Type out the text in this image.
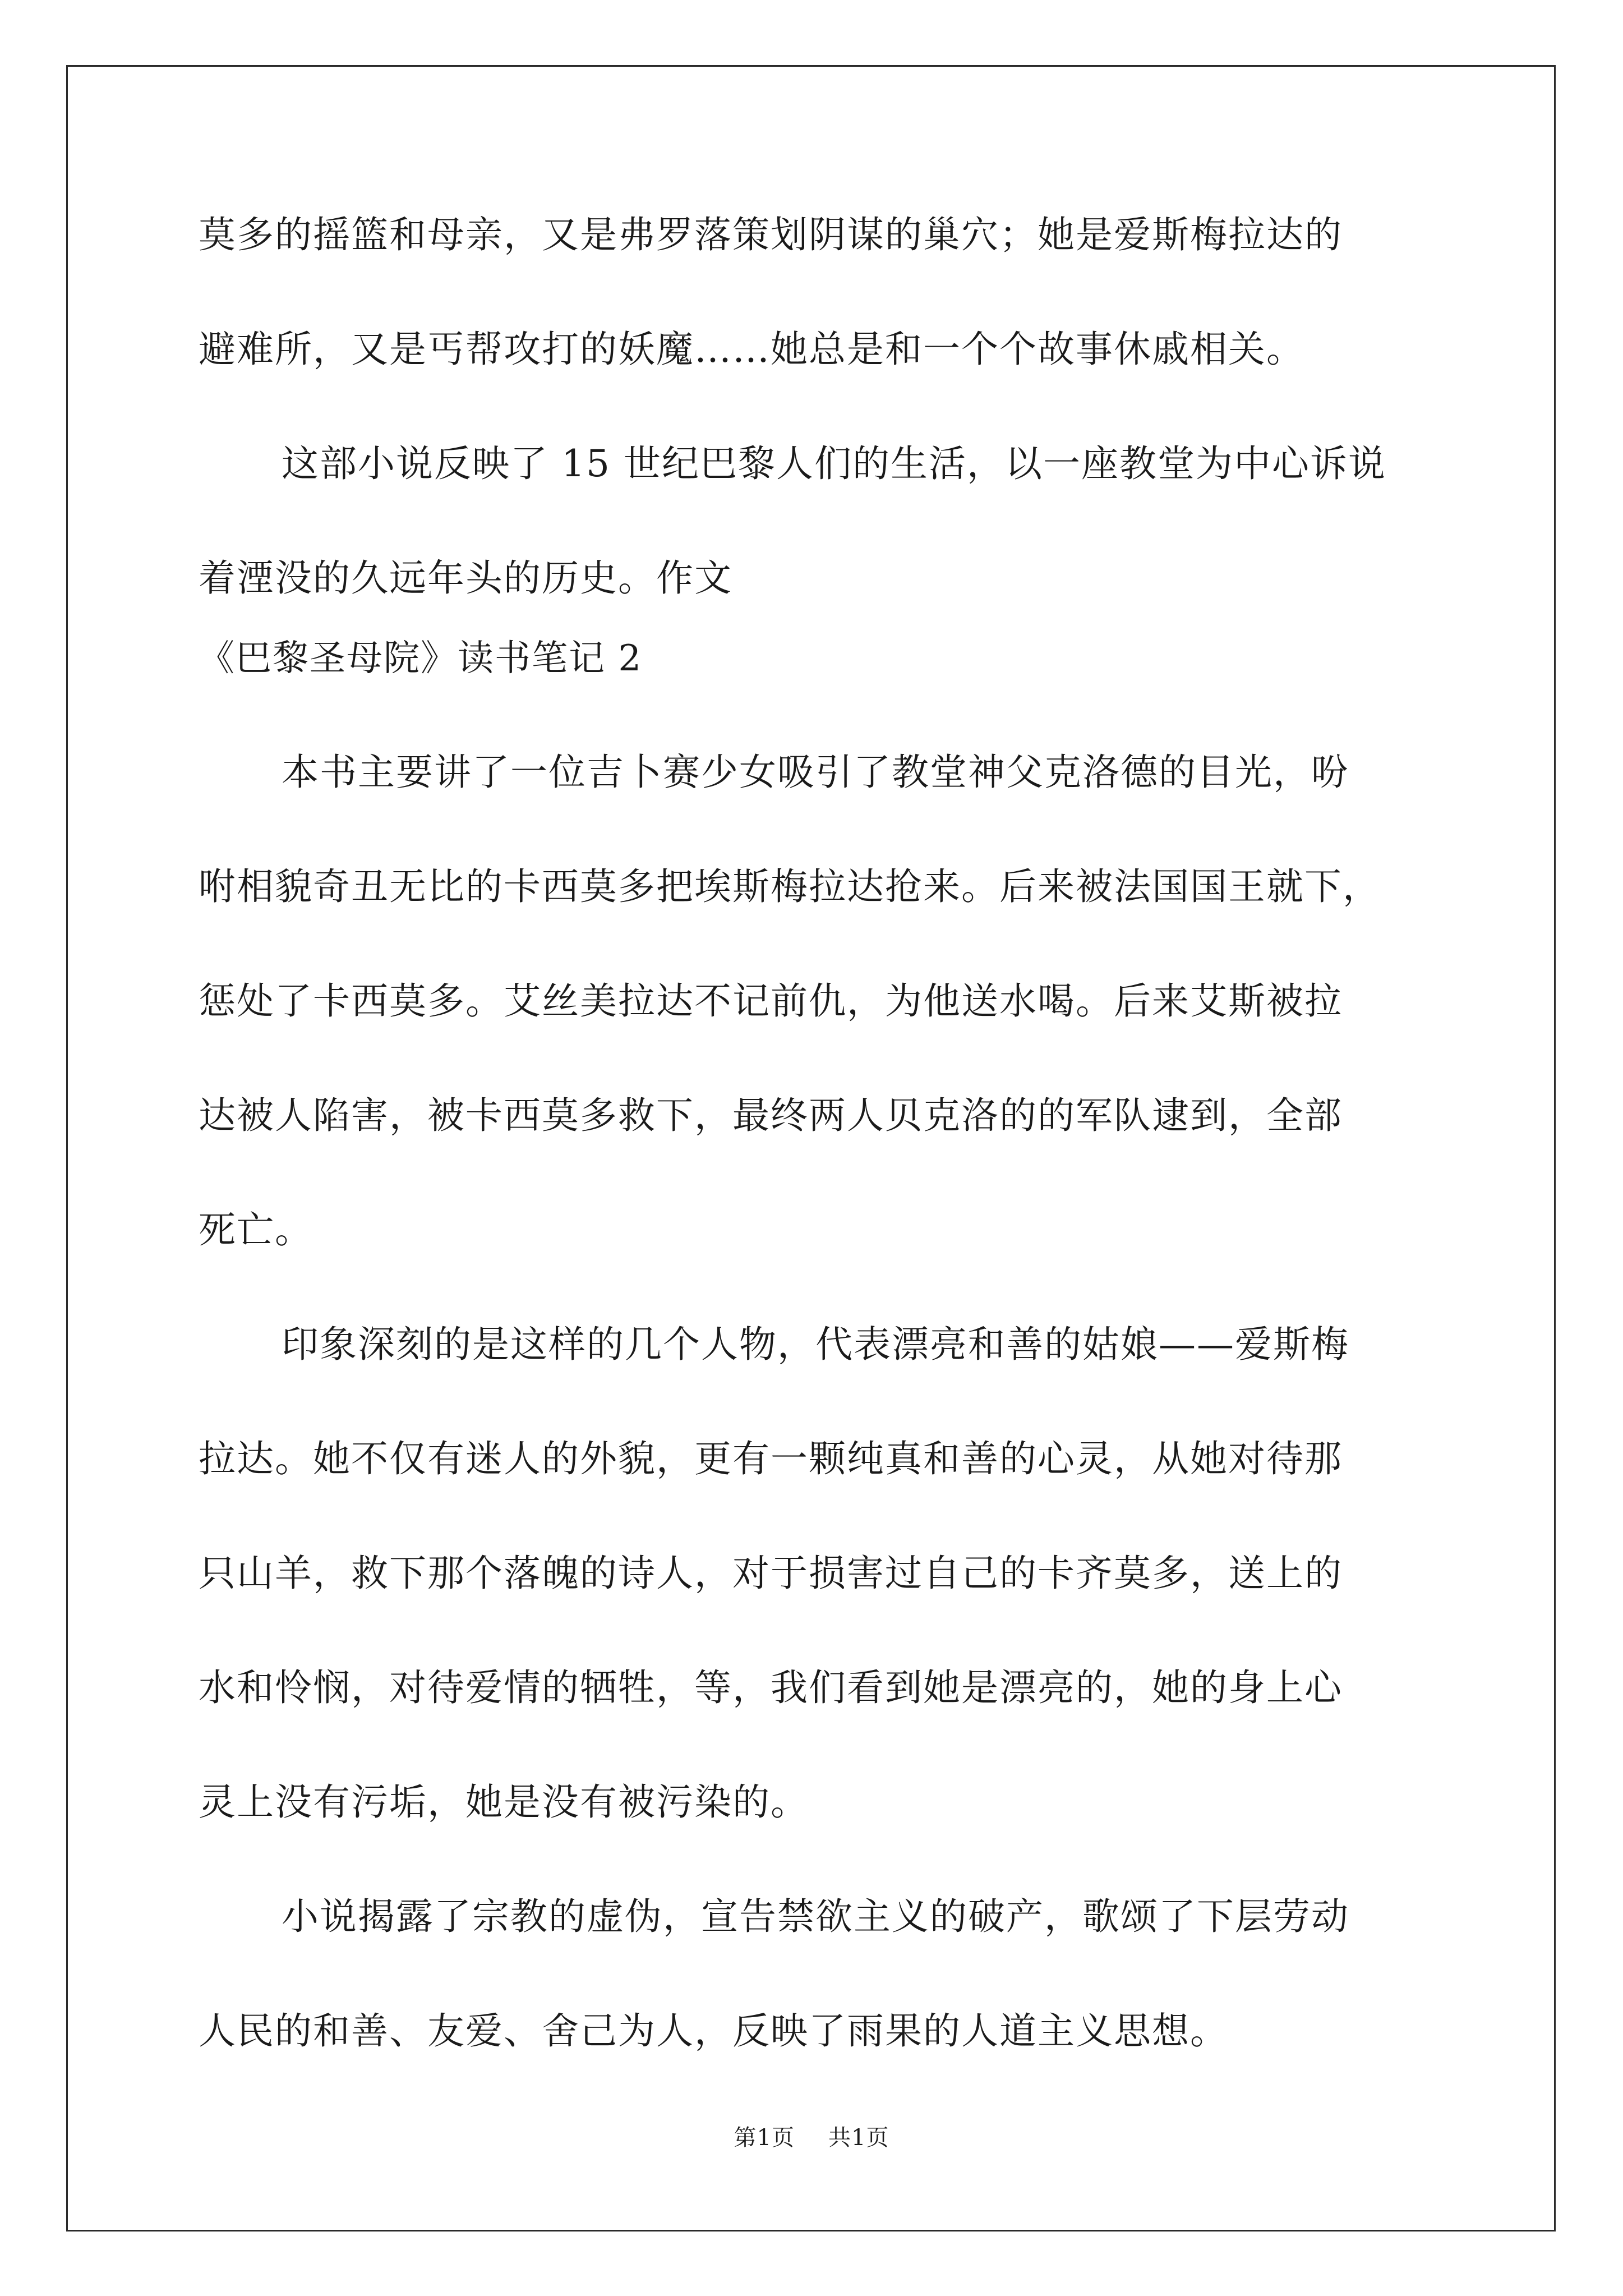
莫多的摇篮和母亲，又是弗罗落策划阴谋的巢穴；她是爱斯梅拉达的
避难所，又是丐帮攻打的妖魔……她总是和一个个故事休戚相关。
这部小说反映了 15 世纪巴黎人们的生活，以一座教堂为中心诉说
着湮没的久远年头的历史。作文
《巴黎圣母院》读书笔记 2
本书主要讲了一位吉卜赛少女吸引了教堂神父克洛德的目光，吩
咐相貌奇丑无比的卡西莫多把埃斯梅拉达抢来。后来被法国国王就下，
惩处了卡西莫多。艾丝美拉达不记前仇，为他送水喝。后来艾斯被拉
达被人陷害，被卡西莫多救下，最终两人贝克洛的的军队逮到，全部
死亡。
印象深刻的是这样的几个人物，代表漂亮和善的姑娘——爱斯梅
拉达。她不仅有迷人的外貌，更有一颗纯真和善的心灵，从她对待那
只山羊，救下那个落魄的诗人，对于损害过自己的卡齐莫多，送上的
水和怜悯，对待爱情的牺牲，等，我们看到她是漂亮的，她的身上心
灵上没有污垢，她是没有被污染的。
小说揭露了宗教的虚伪，宣告禁欲主义的破产，歌颂了下层劳动
人民的和善、友爱、舍己为人，反映了雨果的人道主义思想。
第1页 共1页
